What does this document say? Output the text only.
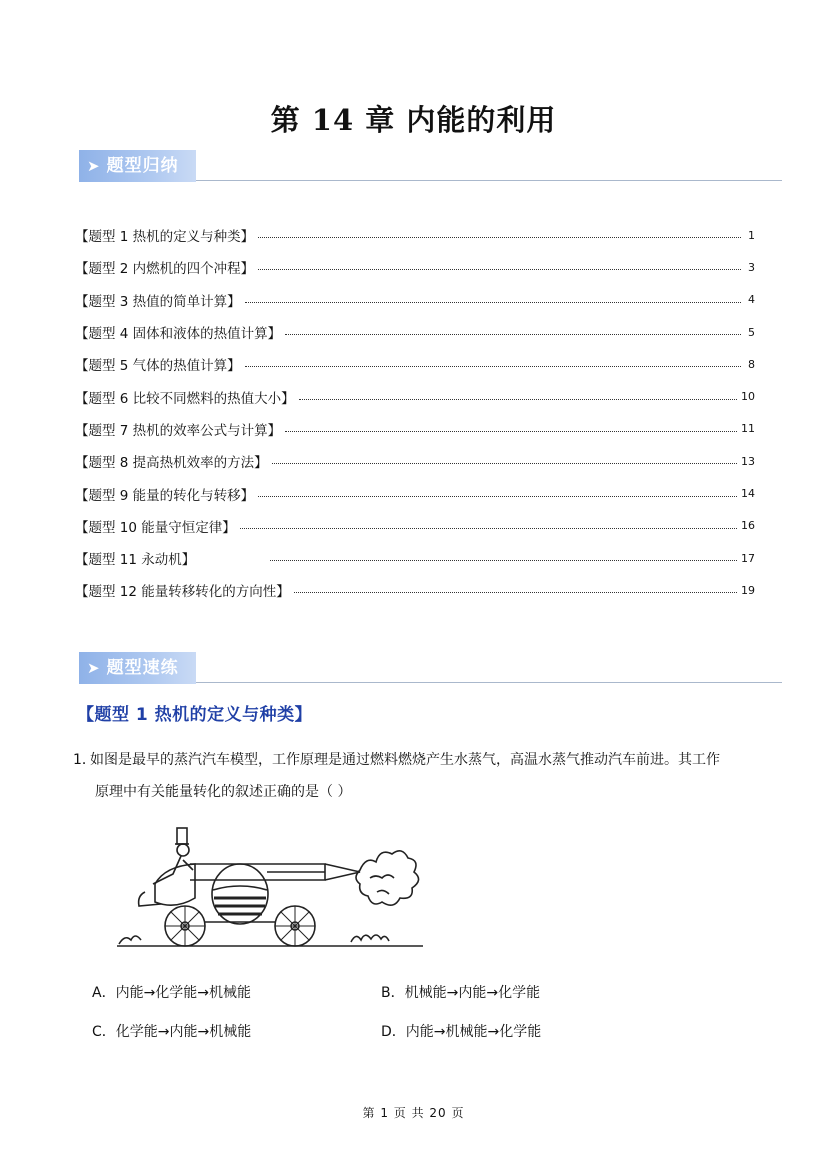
第 14 章 内能的利用
➤ 题型归纳
【题型 1 热机的定义与种类】	1
【题型 2 内燃机的四个冲程】	3
【题型 3 热值的简单计算】	4
【题型 4 固体和液体的热值计算】	5
【题型 5 气体的热值计算】	8
【题型 6 比较不同燃料的热值大小】	10
【题型 7 热机的效率公式与计算】	11
【题型 8 提高热机效率的方法】	13
【题型 9 能量的转化与转移】	14
【题型 10 能量守恒定律】	16
【题型 11 永动机】	17
【题型 12 能量转移转化的方向性】	19
➤ 题型速练
【题型 1 热机的定义与种类】
1．
如图是最早的蒸汽汽车模型，工作原理是通过燃料燃烧产生水蒸气，高温水蒸气推动汽车前进。其工作
原理中有关能量转化的叙述正确的是（ ）
A．内能→化学能→机械能	B．机械能→内能→化学能
C．化学能→内能→机械能	D．内能→机械能→化学能
第 1 页 共 20 页
